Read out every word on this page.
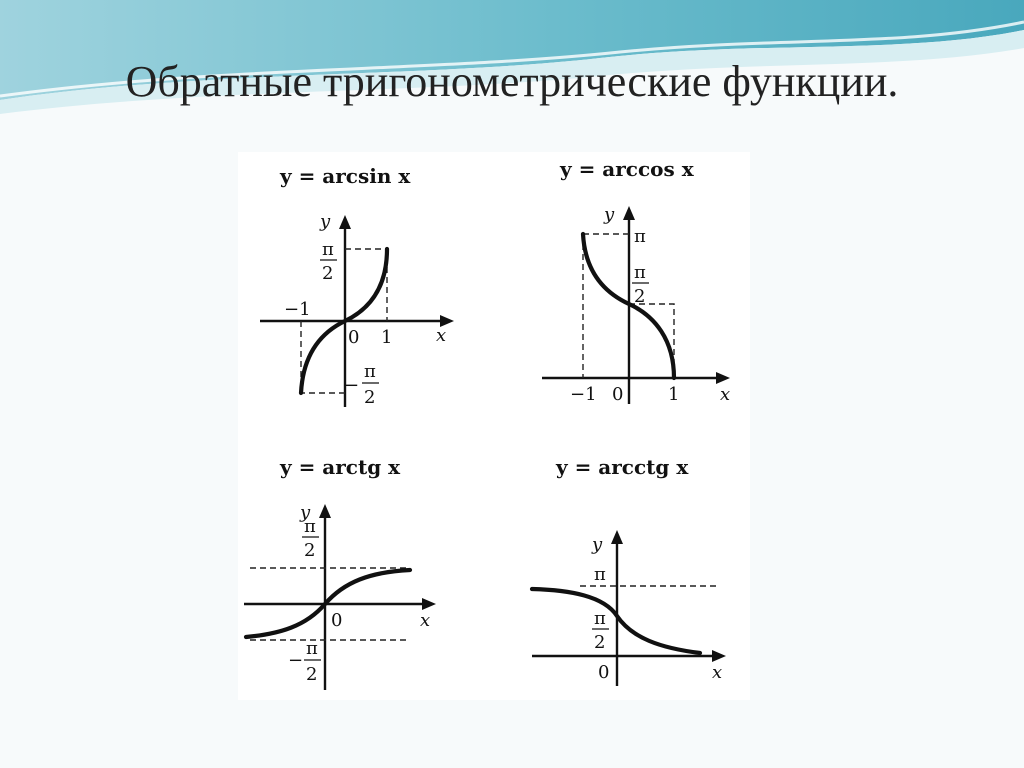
Обратные тригонометрические функции.
y = arcsin x
y
x
π
2
−
π
2
−1
0 1
y = arccos x
y
x
π
π
2
−1 0 1
y = arctg x
y
x
π
2
−
π
2
0
y = arcctg x
y
x
π
π
2
0
